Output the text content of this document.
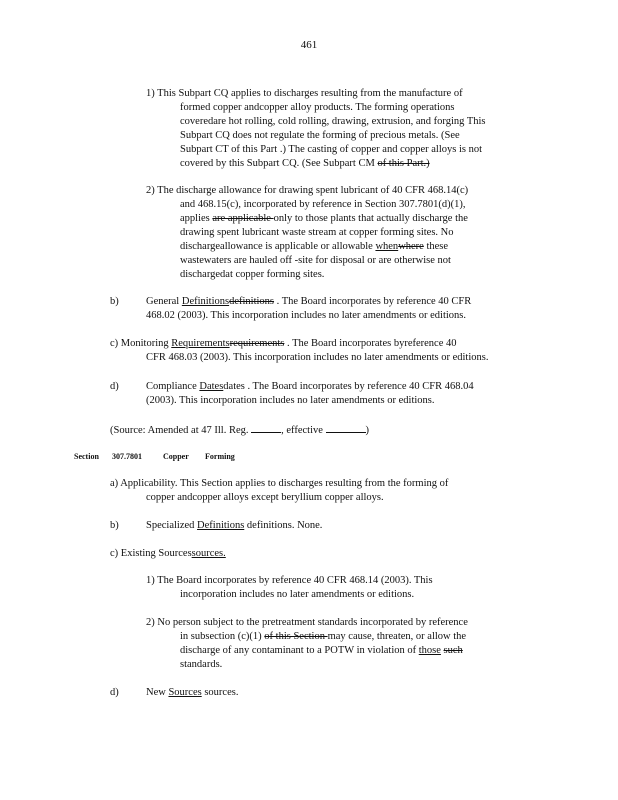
461
1) This Subpart CQ applies to discharges resulting from the manufacture of
formed copper andcopper alloy products. The forming operations
coveredare hot rolling, cold rolling, drawing, extrusion, and forging This
Subpart CQ does not regulate the forming of precious metals. (See
Subpart CT of this Part .) The casting of copper and copper alloys is not
covered by this Subpart CQ. (See Subpart CM of this Part.)
2) The discharge allowance for drawing spent lubricant of 40 CFR 468.14(c)
and 468.15(c), incorporated by reference in Section 307.7801(d)(1),
applies are applicable only to those plants that actually discharge the
drawing spent lubricant waste stream at copper forming sites. No
dischargeallowance is applicable or allowable whenwhere these
wastewaters are hauled off -site for disposal or are otherwise not
dischargedat copper forming sites.
b)	General Definitionsdefinitions . The Board incorporates by reference 40 CFR
468.02 (2003). This incorporation includes no later amendments or editions.
c) Monitoring Requirementsrequirements . The Board incorporates byreference 40
CFR 468.03 (2003). This incorporation includes no later amendments or editions.
d)	Compliance Datesdates . The Board incorporates by reference 40 CFR 468.04
(2003). This incorporation includes no later amendments or editions.
(Source: Amended at 47 Ill. Reg.	, effective	)
Section 307.7801	Copper Forming
a) Applicability. This Section applies to discharges resulting from the forming of
copper andcopper alloys except beryllium copper alloys.
b)	Specialized Definitions definitions. None.
c) Existing Sourcessources.
1) The Board incorporates by reference 40 CFR 468.14 (2003). This
incorporation includes no later amendments or editions.
2) No person subject to the pretreatment standards incorporated by reference
in subsection (c)(1) of this Section may cause, threaten, or allow the
discharge of any contaminant to a POTW in violation of those such
standards.
d)	New Sources sources.
